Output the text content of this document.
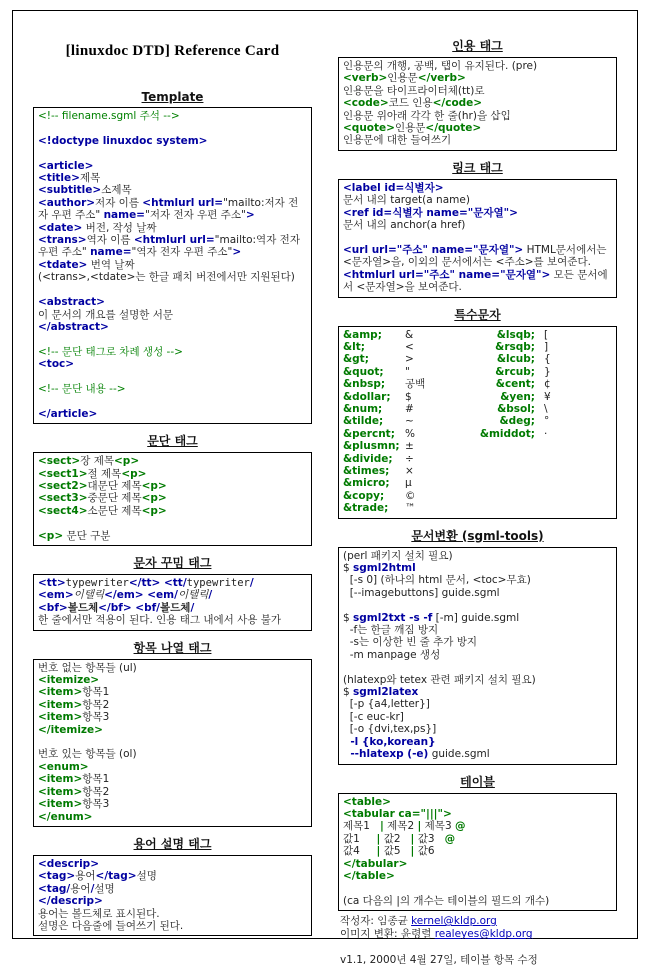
[linuxdoc DTD] Reference Card
Template
<!-- filename.sgml 주석 -->

<!doctype linuxdoc system>

<article>
<title>제목
<subtitle>소제목
<author>저자 이름 <htmlurl url="mailto:저자 전자 우편 주소" name="저자 전자 우편 주소">
<date> 버전, 작성 날짜
<trans>역자 이름 <htmlurl url="mailto:역자 전자 우편 주소" name="역자 전자 우편 주소">
<tdate> 번역 날짜
(<trans>,<tdate>는 한글 패치 버전에서만 지원된다)

<abstract>
이 문서의 개요를 설명한 서문
</abstract>

<!-- 문단 태그로 차례 생성 -->
<toc>

<!-- 문단 내용 -->

</article>
문단 태그
<sect>장 제목<p>
<sect1>절 제목<p>
<sect2>대문단 제목<p>
<sect3>중문단 제목<p>
<sect4>소문단 제목<p>

<p> 문단 구분
문자 꾸밈 태그
<tt>typewriter</tt> <tt/typewriter/
<em>이탤릭</em> <em/이탤릭/
<bf>볼드체</bf> <bf/볼드체/
한 줄에서만 적용이 된다. 인용 태그 내에서 사용 불가
항목 나열 태그
번호 없는 항목들 (ul)
<itemize>
<item>항목1
<item>항목2
<item>항목3
</itemize>

번호 있는 항목들 (ol)
<enum>
<item>항목1
<item>항목2
<item>항목3
</enum>
용어 설명 태그
<descrip>
<tag>용어</tag>설명
<tag/용어/설명
</descrip>
용어는 볼드체로 표시된다.
설명은 다음줄에 들여쓰기 된다.
인용 태그
인용문의 개행, 공백, 탭이 유지된다. (pre)
<verb>인용문</verb>
인용문을 타이프라이터체(tt)로
<code>코드 인용</code>
인용문 위아래 각각 한 줄(hr)을 삽입
<quote>인용문</quote>
인용문에 대한 들여쓰기
링크 태그
<label id=식별자>
문서 내의 target(a name)
<ref id=식별자 name="문자열">
문서 내의 anchor(a href)

<url url="주소" name="문자열"> HTML문서에서는 <문자열>을, 이외의 문서에서는 <주소>를 보여준다.
<htmlurl url="주소" name="문자열"> 모든 문서에서 <문자열>을 보여준다.
특수문자
&amp; &	&lsqb; [
&lt;	<	&rsqb; ]
&gt;	>	&lcub; {
&quot; "	&rcub; }
&nbsp; 공백	&cent; ¢
&dollar; $	&yen; ¥
&num; #	&bsol; \
&tilde; ~	&deg; °
&percnt; %	&middot; ·
&plusmn; ±
&divide; ÷
&times; ×
&micro; µ
&copy; ©
&trade; ™
문서변환 (sgml-tools)
(perl 패키지 설치 필요)
$ sgml2html
[-s 0] (하나의 html 문서, <toc>무효)
[--imagebuttons] guide.sgml

$ sgml2txt -s -f [-m] guide.sgml
-f는 한글 깨짐 방지
-s는 이상한 빈 줄 추가 방지
-m manpage 생성

(hlatexp와 tetex 관련 패키지 설치 필요)
$ sgml2latex
[-p {a4,letter}]
[-c euc-kr]
[-o {dvi,tex,ps}]
-l {ko,korean}
--hlatexp (-e) guide.sgml
테이블
<table>
<tabular ca="|||">
제목1   | 제목2 | 제목3 @
값1     | 값2   | 값3   @
값4     | 값5   | 값6
</tabular>
</table>

(ca 다음의 |의 개수는 테이블의 필드의 개수)
작성자: 임종균 kernel@kldp.org
이미지 변환: 윤령렬 realeyes@kldp.org

v1.1, 2000년 4월 27일, 테이블 항목 수정
